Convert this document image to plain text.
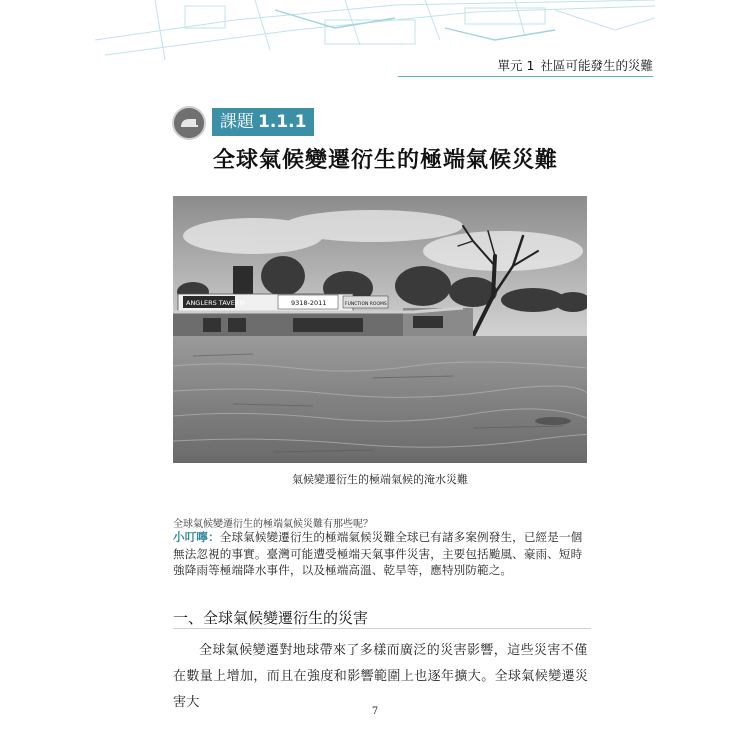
單元 1 社區可能發生的災難
課題 1.1.1
全球氣候變遷衍生的極端氣候災難
ANGLERS TAVERN	9318-2011	FUNCTION ROOMS
氣候變遷衍生的極端氣候的淹水災難
全球氣候變遷衍生的極端氣候災難有那些呢？
小叮嚀：全球氣候變遷衍生的極端氣候災難全球已有諸多案例發生，已經是一個無法忽視的事實。臺灣可能遭受極端天氣事件災害，主要包括颱風、豪雨、短時強降雨等極端降水事件，以及極端高溫、乾旱等，應特別防範之。
一、全球氣候變遷衍生的災害
全球氣候變遷對地球帶來了多樣而廣泛的災害影響，這些災害不僅在數量上增加，而且在強度和影響範圍上也逐年擴大。全球氣候變遷災害大
7
